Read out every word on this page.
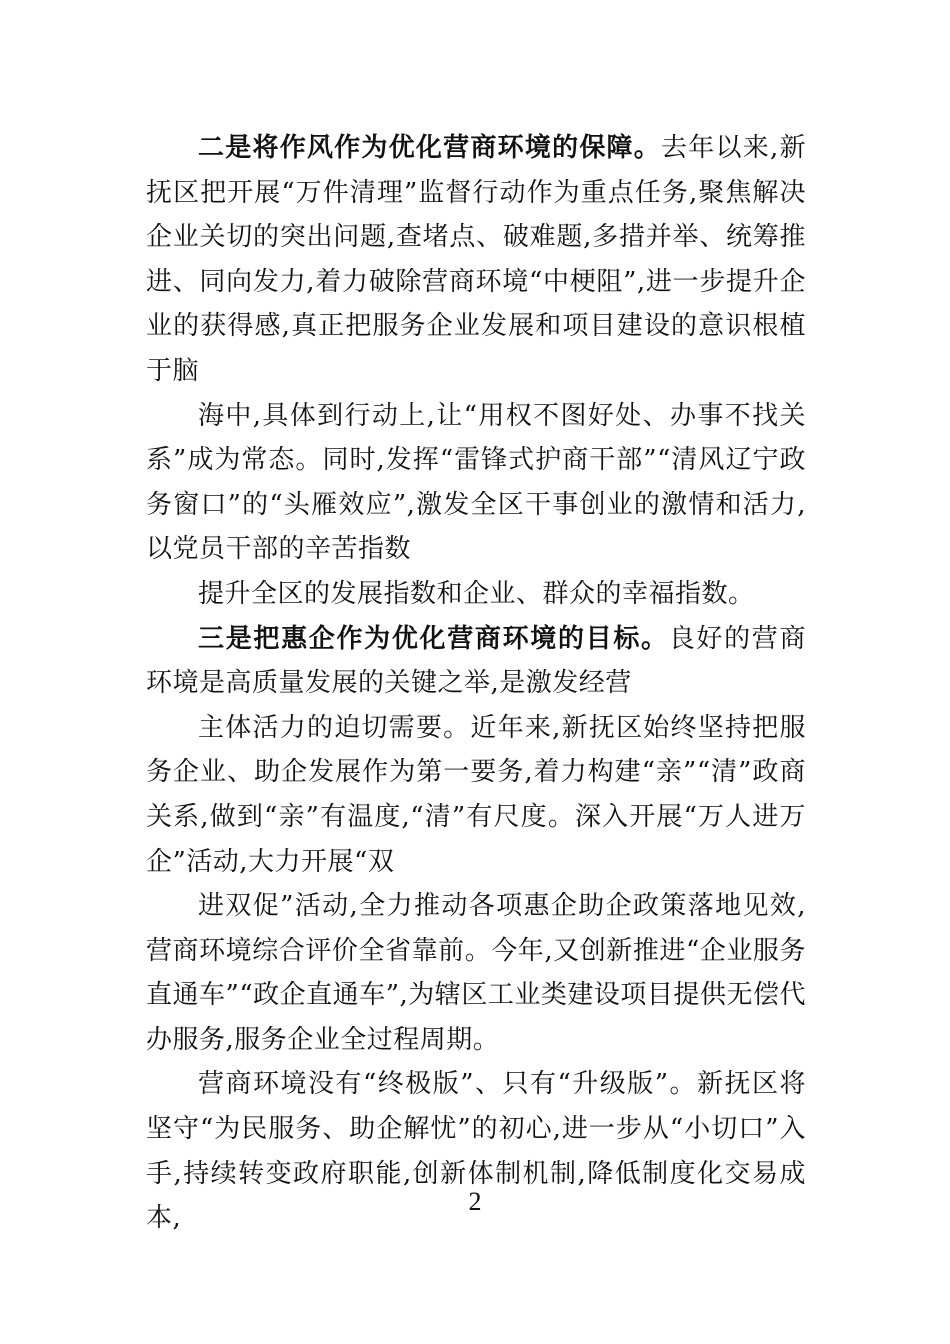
二是将作风作为优化营商环境的保障。去年以来,新抚区把开展“万件清理”监督行动作为重点任务,聚焦解决企业关切的突出问题,查堵点、破难题,多措并举、统筹推进、同向发力,着力破除营商环境“中梗阻”,进一步提升企业的获得感,真正把服务企业发展和项目建设的意识根植于脑

海中,具体到行动上,让“用权不图好处、办事不找关系”成为常态。同时,发挥“雷锋式护商干部”“清风辽宁政务窗口”的“头雁效应”,激发全区干事创业的激情和活力,以党员干部的辛苦指数

提升全区的发展指数和企业、群众的幸福指数。

三是把惠企作为优化营商环境的目标。良好的营商环境是高质量发展的关键之举,是激发经营

主体活力的迫切需要。近年来,新抚区始终坚持把服务企业、助企发展作为第一要务,着力构建“亲”“清”政商关系,做到“亲”有温度,“清”有尺度。深入开展“万人进万企”活动,大力开展“双

进双促”活动,全力推动各项惠企助企政策落地见效,营商环境综合评价全省靠前。今年,又创新推进“企业服务直通车”“政企直通车”,为辖区工业类建设项目提供无偿代办服务,服务企业全过程周期。

营商环境没有“终极版”、只有“升级版”。新抚区将坚守“为民服务、助企解忧”的初心,进一步从“小切口”入手,持续转变政府职能,创新体制机制,降低制度化交易成本,

2
